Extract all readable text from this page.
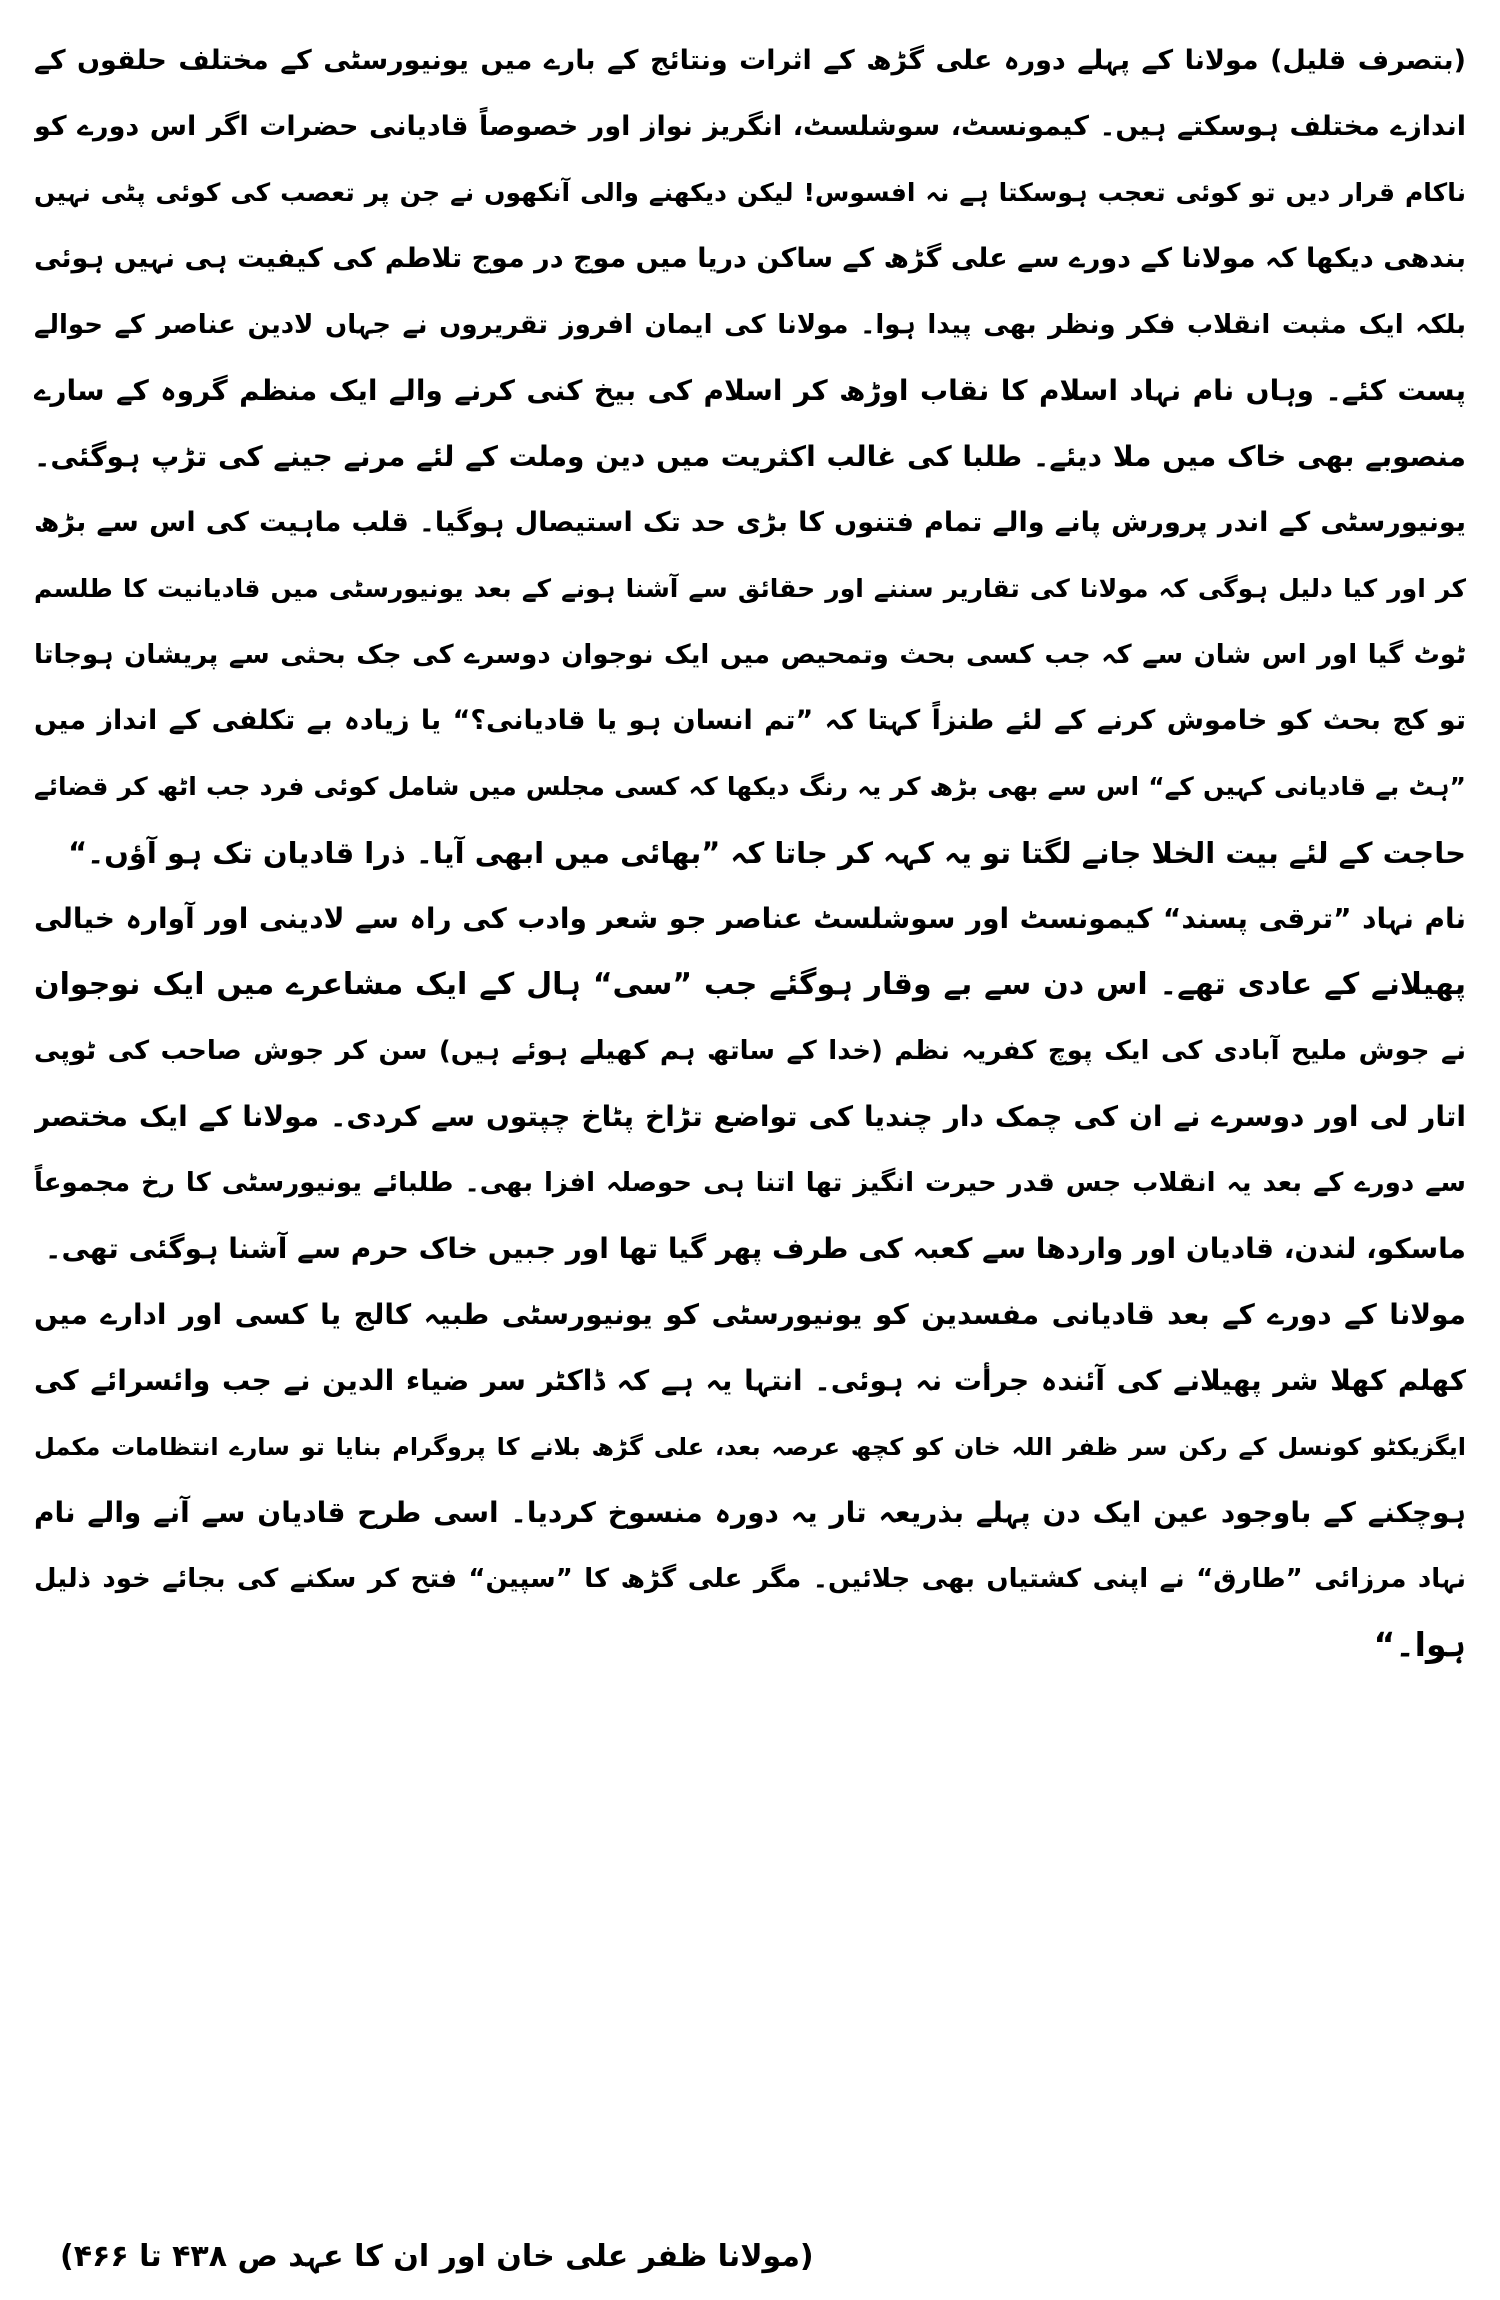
(بتصرف قلیل) مولانا کے پہلے دورہ علی گڑھ کے اثرات ونتائج کے بارے میں یونیورسٹی کے مختلف حلقوں کے
اندازے مختلف ہوسکتے ہیں۔ کیمونسٹ، سوشلسٹ، انگریز نواز اور خصوصاً قادیانی حضرات اگر اس دورے کو
ناکام قرار دیں تو کوئی تعجب ہوسکتا ہے نہ افسوس! لیکن دیکھنے والی آنکھوں نے جن پر تعصب کی کوئی پٹی نہیں
بندھی دیکھا کہ مولانا کے دورے سے علی گڑھ کے ساکن دریا میں موج در موج تلاطم کی کیفیت ہی نہیں ہوئی
بلکہ ایک مثبت انقلاب فکر ونظر بھی پیدا ہوا۔ مولانا کی ایمان افروز تقریروں نے جہاں لادین عناصر کے حوالے
پست کئے۔ وہاں نام نہاد اسلام کا نقاب اوڑھ کر اسلام کی بیخ کنی کرنے والے ایک منظم گروہ کے سارے
منصوبے بھی خاک میں ملا دیئے۔ طلبا کی غالب اکثریت میں دین وملت کے لئے مرنے جینے کی تڑپ ہوگئی۔
یونیورسٹی کے اندر پرورش پانے والے تمام فتنوں کا بڑی حد تک استیصال ہوگیا۔ قلب ماہیت کی اس سے بڑھ
کر اور کیا دلیل ہوگی کہ مولانا کی تقاریر سننے اور حقائق سے آشنا ہونے کے بعد یونیورسٹی میں قادیانیت کا طلسم
ٹوٹ گیا اور اس شان سے کہ جب کسی بحث وتمحیص میں ایک نوجوان دوسرے کی جک بحثی سے پریشان ہوجاتا
تو کج بحث کو خاموش کرنے کے لئے طنزاً کہتا کہ ”تم انسان ہو یا قادیانی؟“ یا زیادہ بے تکلفی کے انداز میں
”ہٹ بے قادیانی کہیں کے“ اس سے بھی بڑھ کر یہ رنگ دیکھا کہ کسی مجلس میں شامل کوئی فرد جب اٹھ کر قضائے
حاجت کے لئے بیت الخلا جانے لگتا تو یہ کہہ کر جاتا کہ ”بھائی میں ابھی آیا۔ ذرا قادیان تک ہو آؤں۔“
نام نہاد ”ترقی پسند“ کیمونسٹ اور سوشلسٹ عناصر جو شعر وادب کی راہ سے لادینی اور آوارہ خیالی
پھیلانے کے عادی تھے۔ اس دن سے بے وقار ہوگئے جب ”سی“ ہال کے ایک مشاعرے میں ایک نوجوان
نے جوش ملیح آبادی کی ایک پوچ کفریہ نظم (خدا کے ساتھ ہم کھیلے ہوئے ہیں) سن کر جوش صاحب کی ٹوپی
اتار لی اور دوسرے نے ان کی چمک دار چندیا کی تواضع تڑاخ پٹاخ چپتوں سے کردی۔ مولانا کے ایک مختصر
سے دورے کے بعد یہ انقلاب جس قدر حیرت انگیز تھا اتنا ہی حوصلہ افزا بھی۔ طلبائے یونیورسٹی کا رخ مجموعاً
ماسکو، لندن، قادیان اور واردھا سے کعبہ کی طرف پھر گیا تھا اور جبیں خاک حرم سے آشنا ہوگئی تھی۔
مولانا کے دورے کے بعد قادیانی مفسدین کو یونیورسٹی کو یونیورسٹی طبیہ کالج یا کسی اور ادارے میں
کھلم کھلا شر پھیلانے کی آئندہ جرأت نہ ہوئی۔ انتہا یہ ہے کہ ڈاکٹر سر ضیاء الدین نے جب وائسرائے کی
ایگزیکٹو کونسل کے رکن سر ظفر اللہ خان کو کچھ عرصہ بعد، علی گڑھ بلانے کا پروگرام بنایا تو سارے انتظامات مکمل
ہوچکنے کے باوجود عین ایک دن پہلے بذریعہ تار یہ دورہ منسوخ کردیا۔ اسی طرح قادیان سے آنے والے نام
نہاد مرزائی ”طارق“ نے اپنی کشتیاں بھی جلائیں۔ مگر علی گڑھ کا ”سپین“ فتح کر سکنے کی بجائے خود ذلیل
ہوا۔“
(مولانا ظفر علی خان اور ان کا عہد ص ۴۳۸ تا ۴۶۶)
